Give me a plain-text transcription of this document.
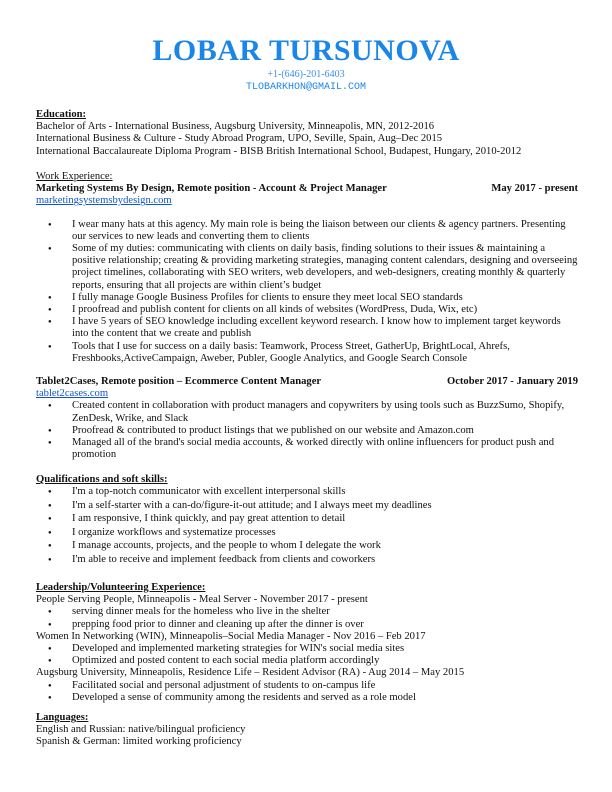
LOBAR TURSUNOVA
+1-(646)-201-6403
TLOBARKHON@GMAIL.COM
Education:
Bachelor of Arts - International Business, Augsburg University, Minneapolis, MN, 2012-2016
International Business & Culture - Study Abroad Program, UPO, Seville, Spain, Aug–Dec 2015
International Baccalaureate Diploma Program - BISB British International School, Budapest, Hungary, 2010-2012
Work Experience:
Marketing Systems By Design, Remote position - Account & Project Manager	May 2017 - present
marketingsystemsbydesign.com
● I wear many hats at this agency. My main role is being the liaison between our clients & agency partners. Presenting our services to new leads and converting them to clients
● Some of my duties: communicating with clients on daily basis, finding solutions to their issues & maintaining a positive relationship; creating & providing marketing strategies, managing content calendars, designing and overseeing project timelines, collaborating with SEO writers, web developers, and web-designers, creating monthly & quarterly reports, ensuring that all projects are within client’s budget
● I fully manage Google Business Profiles for clients to ensure they meet local SEO standards
● I proofread and publish content for clients on all kinds of websites (WordPress, Duda, Wix, etc)
● I have 5 years of SEO knowledge including excellent keyword research. I know how to implement target keywords into the content that we create and publish
● Tools that I use for success on a daily basis: Teamwork, Process Street, GatherUp, BrightLocal, Ahrefs, Freshbooks,ActiveCampaign, Aweber, Publer, Google Analytics, and Google Search Console
Tablet2Cases, Remote position – Ecommerce Content Manager	October 2017 - January 2019
tablet2cases.com
● Created content in collaboration with product managers and copywriters by using tools such as BuzzSumo, Shopify, ZenDesk, Wrike, and Slack
● Proofread & contributed to product listings that we published on our website and Amazon.com
● Managed all of the brand's social media accounts, & worked directly with online influencers for product push and promotion
Qualifications and soft skills:
● I'm a top-notch communicator with excellent interpersonal skills
● I'm a self-starter with a can-do/figure-it-out attitude; and I always meet my deadlines
● I am responsive, I think quickly, and pay great attention to detail
● I organize workflows and systematize processes
● I manage accounts, projects, and the people to whom I delegate the work
● I'm able to receive and implement feedback from clients and coworkers
Leadership/Volunteering Experience:
People Serving People, Minneapolis - Meal Server - November 2017 - present
● serving dinner meals for the homeless who live in the shelter
● prepping food prior to dinner and cleaning up after the dinner is over
Women In Networking (WIN), Minneapolis–Social Media Manager - Nov 2016 – Feb 2017
● Developed and implemented marketing strategies for WIN's social media sites
● Optimized and posted content to each social media platform accordingly
Augsburg University, Minneapolis, Residence Life – Resident Advisor (RA) - Aug 2014 – May 2015
● Facilitated social and personal adjustment of students to on-campus life
● Developed a sense of community among the residents and served as a role model
Languages:
English and Russian: native/bilingual proficiency
Spanish & German: limited working proficiency
